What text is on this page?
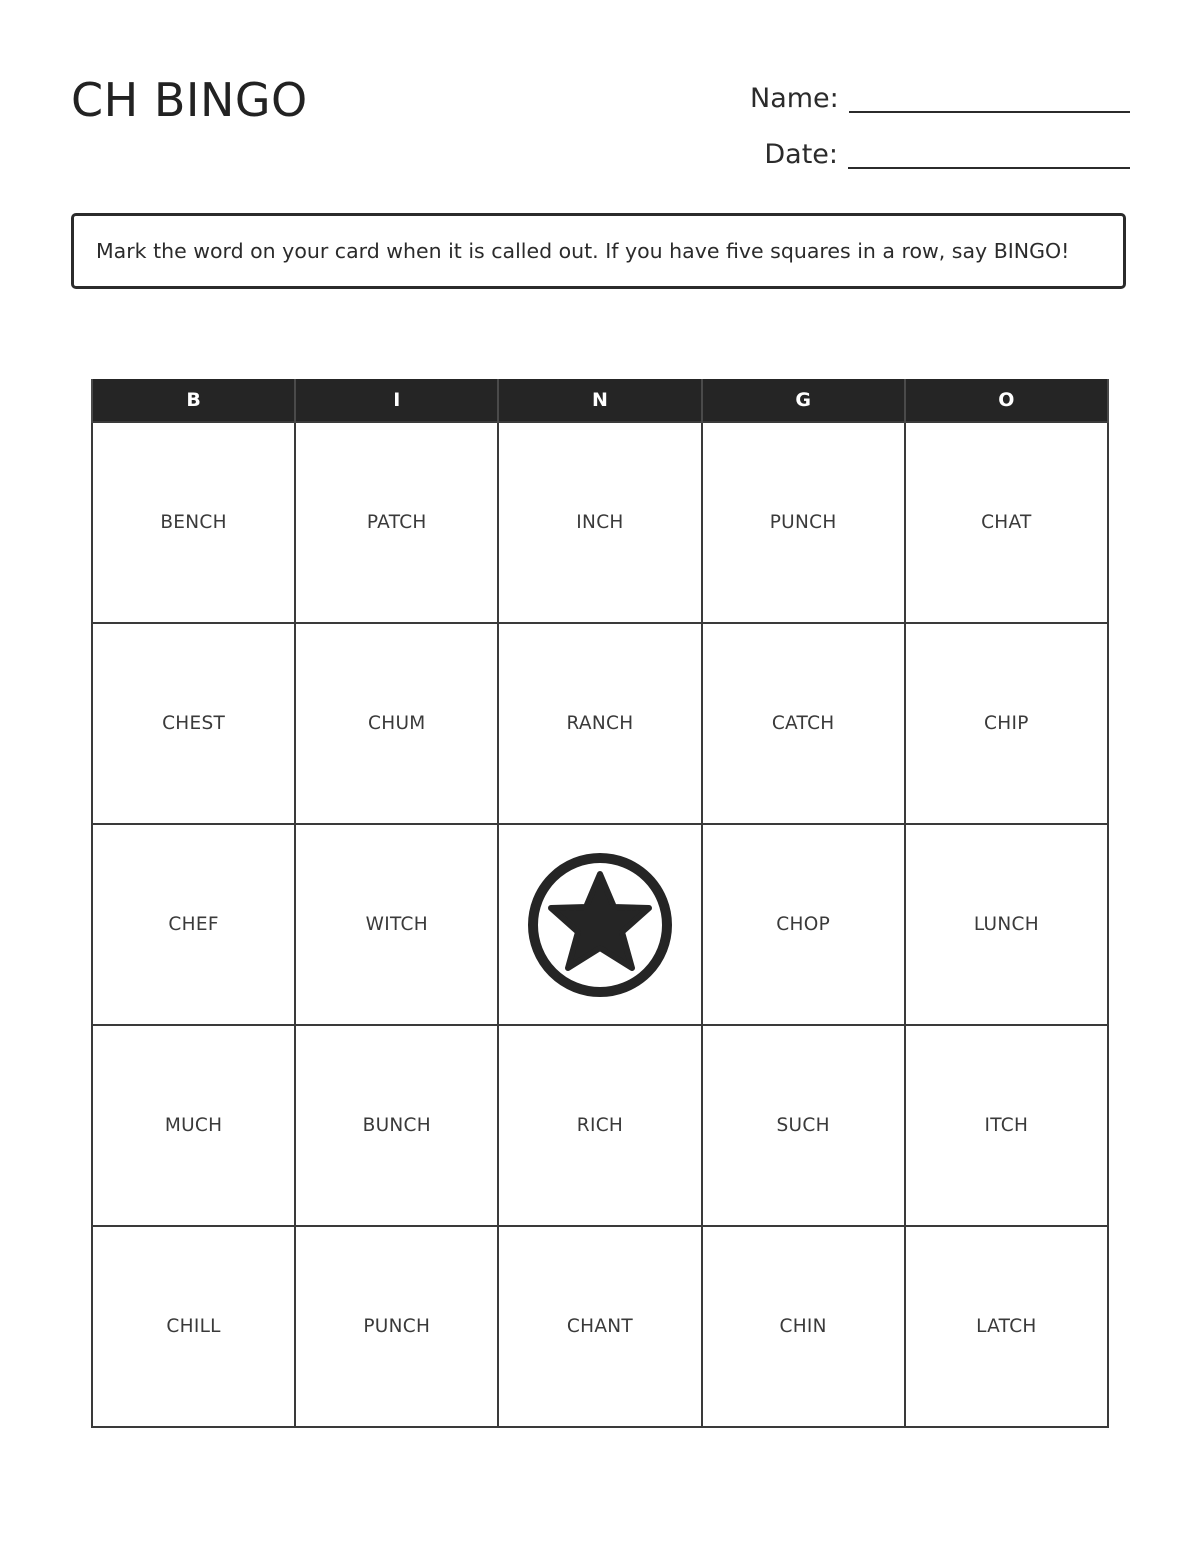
CH BINGO	Name:
Date:
Mark the word on your card when it is called out. If you have five squares in a row, say BINGO!
B	I	N	G	O
BENCH	PATCH	INCH	PUNCH	CHAT
CHEST	CHUM	RANCH	CATCH	CHIP
CHEF	WITCH		CHOP	LUNCH
MUCH	BUNCH	RICH	SUCH	ITCH
CHILL	PUNCH	CHANT	CHIN	LATCH
